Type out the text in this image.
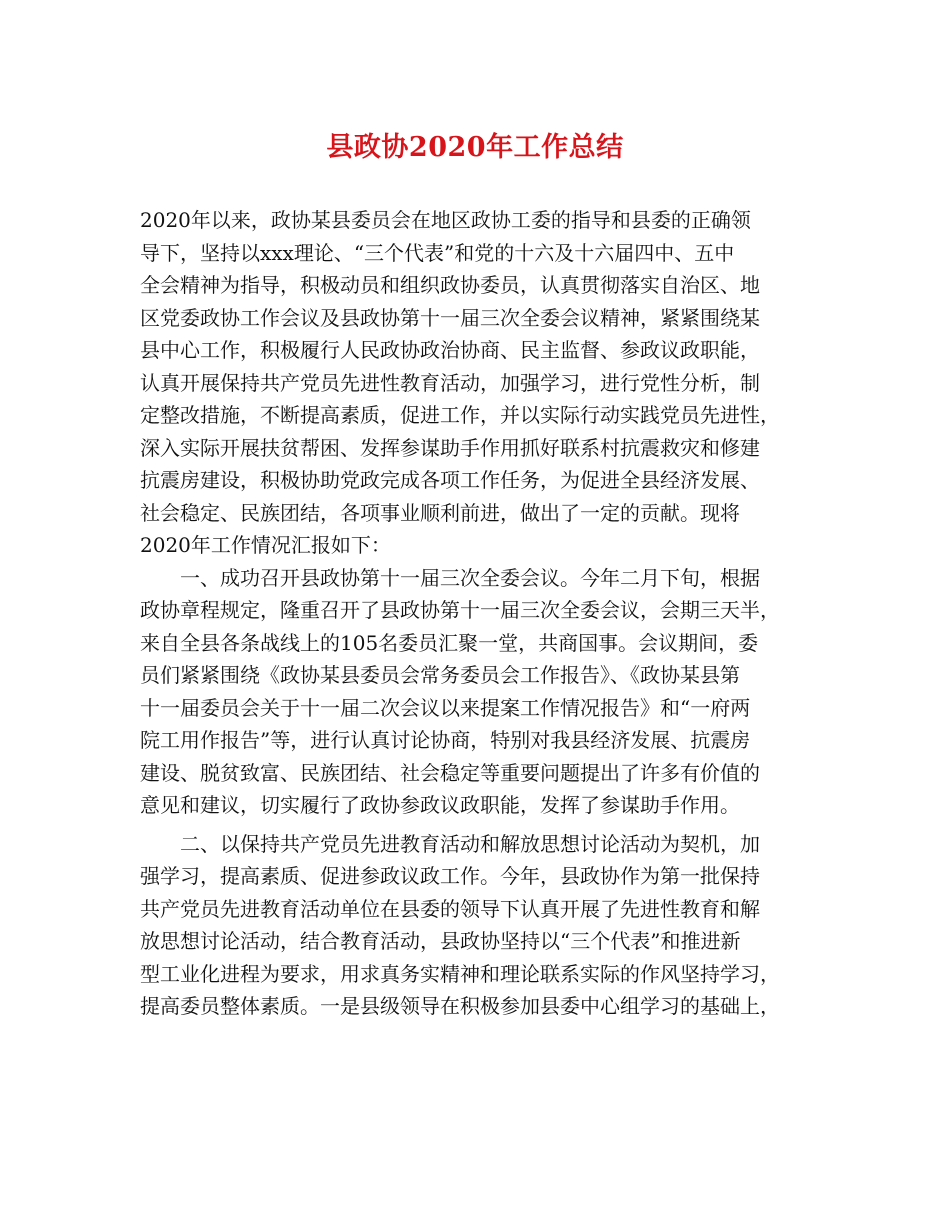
县政协2020年工作总结
2020年以来，政协某县委员会在地区政协工委的指导和县委的正确领
导下，坚持以xxx理论、“三个代表”和党的十六及十六届四中、五中
全会精神为指导，积极动员和组织政协委员，认真贯彻落实自治区、地
区党委政协工作会议及县政协第十一届三次全委会议精神，紧紧围绕某
县中心工作，积极履行人民政协政治协商、民主监督、参政议政职能，
认真开展保持共产党员先进性教育活动，加强学习，进行党性分析，制
定整改措施，不断提高素质，促进工作，并以实际行动实践党员先进性，
深入实际开展扶贫帮困、发挥参谋助手作用抓好联系村抗震救灾和修建
抗震房建设，积极协助党政完成各项工作任务，为促进全县经济发展、
社会稳定、民族团结，各项事业顺利前进，做出了一定的贡献。现将
2020年工作情况汇报如下：
一、成功召开县政协第十一届三次全委会议。今年二月下旬，根据
政协章程规定，隆重召开了县政协第十一届三次全委会议，会期三天半，
来自全县各条战线上的105名委员汇聚一堂，共商国事。会议期间，委
员们紧紧围绕《政协某县委员会常务委员会工作报告》、《政协某县第
十一届委员会关于十一届二次会议以来提案工作情况报告》和“一府两
院工用作报告”等，进行认真讨论协商，特别对我县经济发展、抗震房
建设、脱贫致富、民族团结、社会稳定等重要问题提出了许多有价值的
意见和建议，切实履行了政协参政议政职能，发挥了参谋助手作用。
二、以保持共产党员先进教育活动和解放思想讨论活动为契机，加
强学习，提高素质、促进参政议政工作。今年，县政协作为第一批保持
共产党员先进教育活动单位在县委的领导下认真开展了先进性教育和解
放思想讨论活动，结合教育活动，县政协坚持以“三个代表”和推进新
型工业化进程为要求，用求真务实精神和理论联系实际的作风坚持学习，
提高委员整体素质。一是县级领导在积极参加县委中心组学习的基础上，
